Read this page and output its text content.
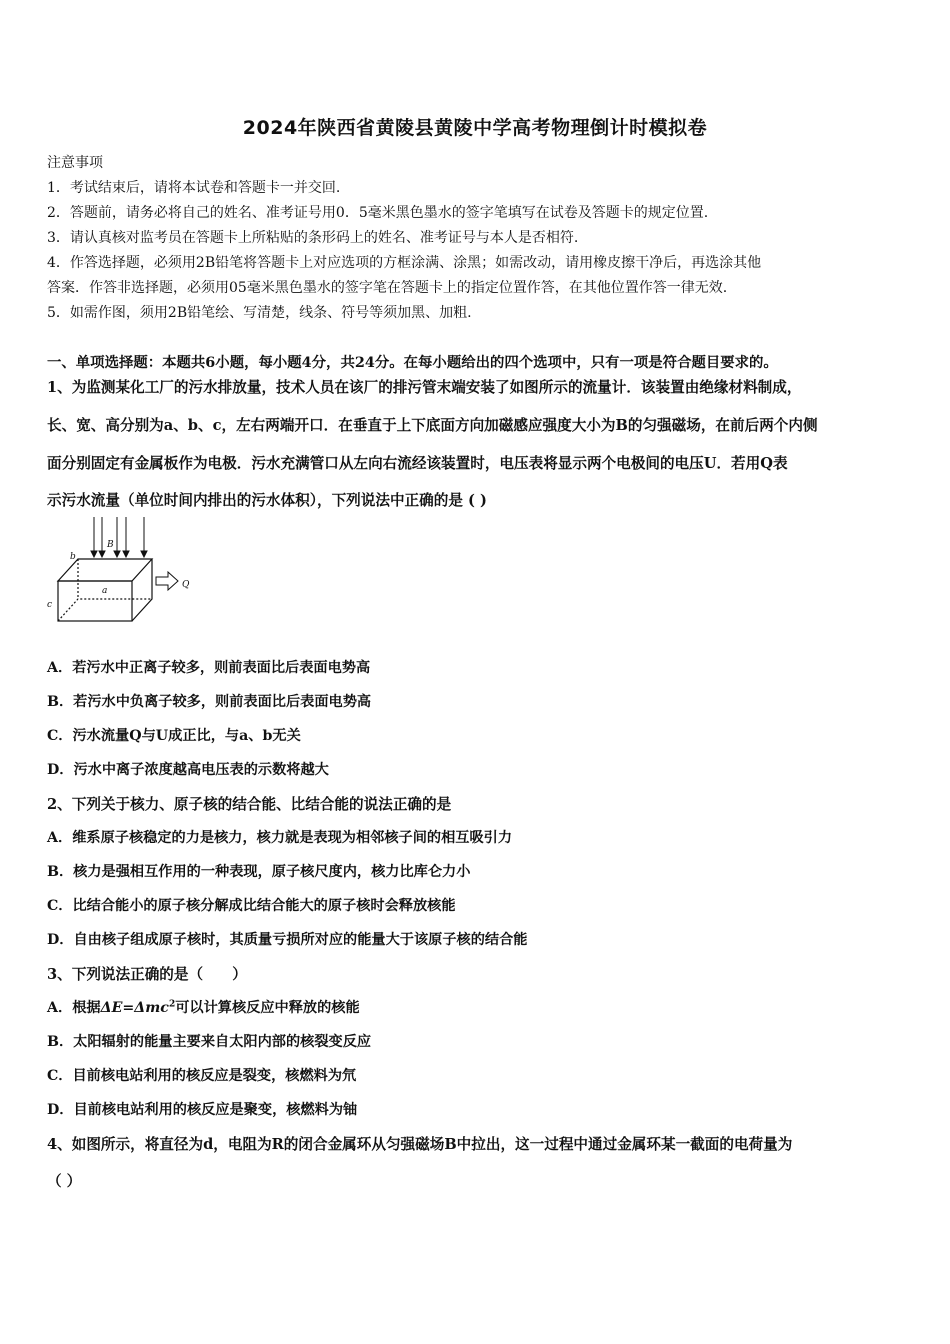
2024年陕西省黄陵县黄陵中学高考物理倒计时模拟卷
注意事项
1．考试结束后，请将本试卷和答题卡一并交回.
2．答题前，请务必将自己的姓名、准考证号用0．5毫米黑色墨水的签字笔填写在试卷及答题卡的规定位置.
3．请认真核对监考员在答题卡上所粘贴的条形码上的姓名、准考证号与本人是否相符.
4．作答选择题，必须用2B铅笔将答题卡上对应选项的方框涂满、涂黑；如需改动，请用橡皮擦干净后，再选涂其他
答案．作答非选择题，必须用05毫米黑色墨水的签字笔在答题卡上的指定位置作答，在其他位置作答一律无效.
5．如需作图，须用2B铅笔绘、写清楚，线条、符号等须加黑、加粗.
一、单项选择题：本题共6小题，每小题4分，共24分。在每小题给出的四个选项中，只有一项是符合题目要求的。
1、为监测某化工厂的污水排放量，技术人员在该厂的排污管末端安装了如图所示的流量计．该装置由绝缘材料制成，
长、宽、高分别为a、b、c，左右两端开口．在垂直于上下底面方向加磁感应强度大小为B的匀强磁场，在前后两个内侧
面分别固定有金属板作为电极．污水充满管口从左向右流经该装置时，电压表将显示两个电极间的电压U．若用Q表
示污水流量（单位时间内排出的污水体积），下列说法中正确的是 ( )
b
B
a
c
Q
A．若污水中正离子较多，则前表面比后表面电势高
B．若污水中负离子较多，则前表面比后表面电势高
C．污水流量Q与U成正比，与a、b无关
D．污水中离子浓度越高电压表的示数将越大
2、下列关于核力、原子核的结合能、比结合能的说法正确的是
A．维系原子核稳定的力是核力，核力就是表现为相邻核子间的相互吸引力
B．核力是强相互作用的一种表现，原子核尺度内，核力比库仑力小
C．比结合能小的原子核分解成比结合能大的原子核时会释放核能
D．自由核子组成原子核时，其质量亏损所对应的能量大于该原子核的结合能
3、下列说法正确的是（　　）
A．根据ΔE=Δmc$^2$可以计算核反应中释放的核能
B．太阳辐射的能量主要来自太阳内部的核裂变反应
C．目前核电站利用的核反应是裂变，核燃料为氘
D．目前核电站利用的核反应是聚变，核燃料为铀
4、如图所示，将直径为d，电阻为R的闭合金属环从匀强磁场B中拉出，这一过程中通过金属环某一截面的电荷量为
（ ）
